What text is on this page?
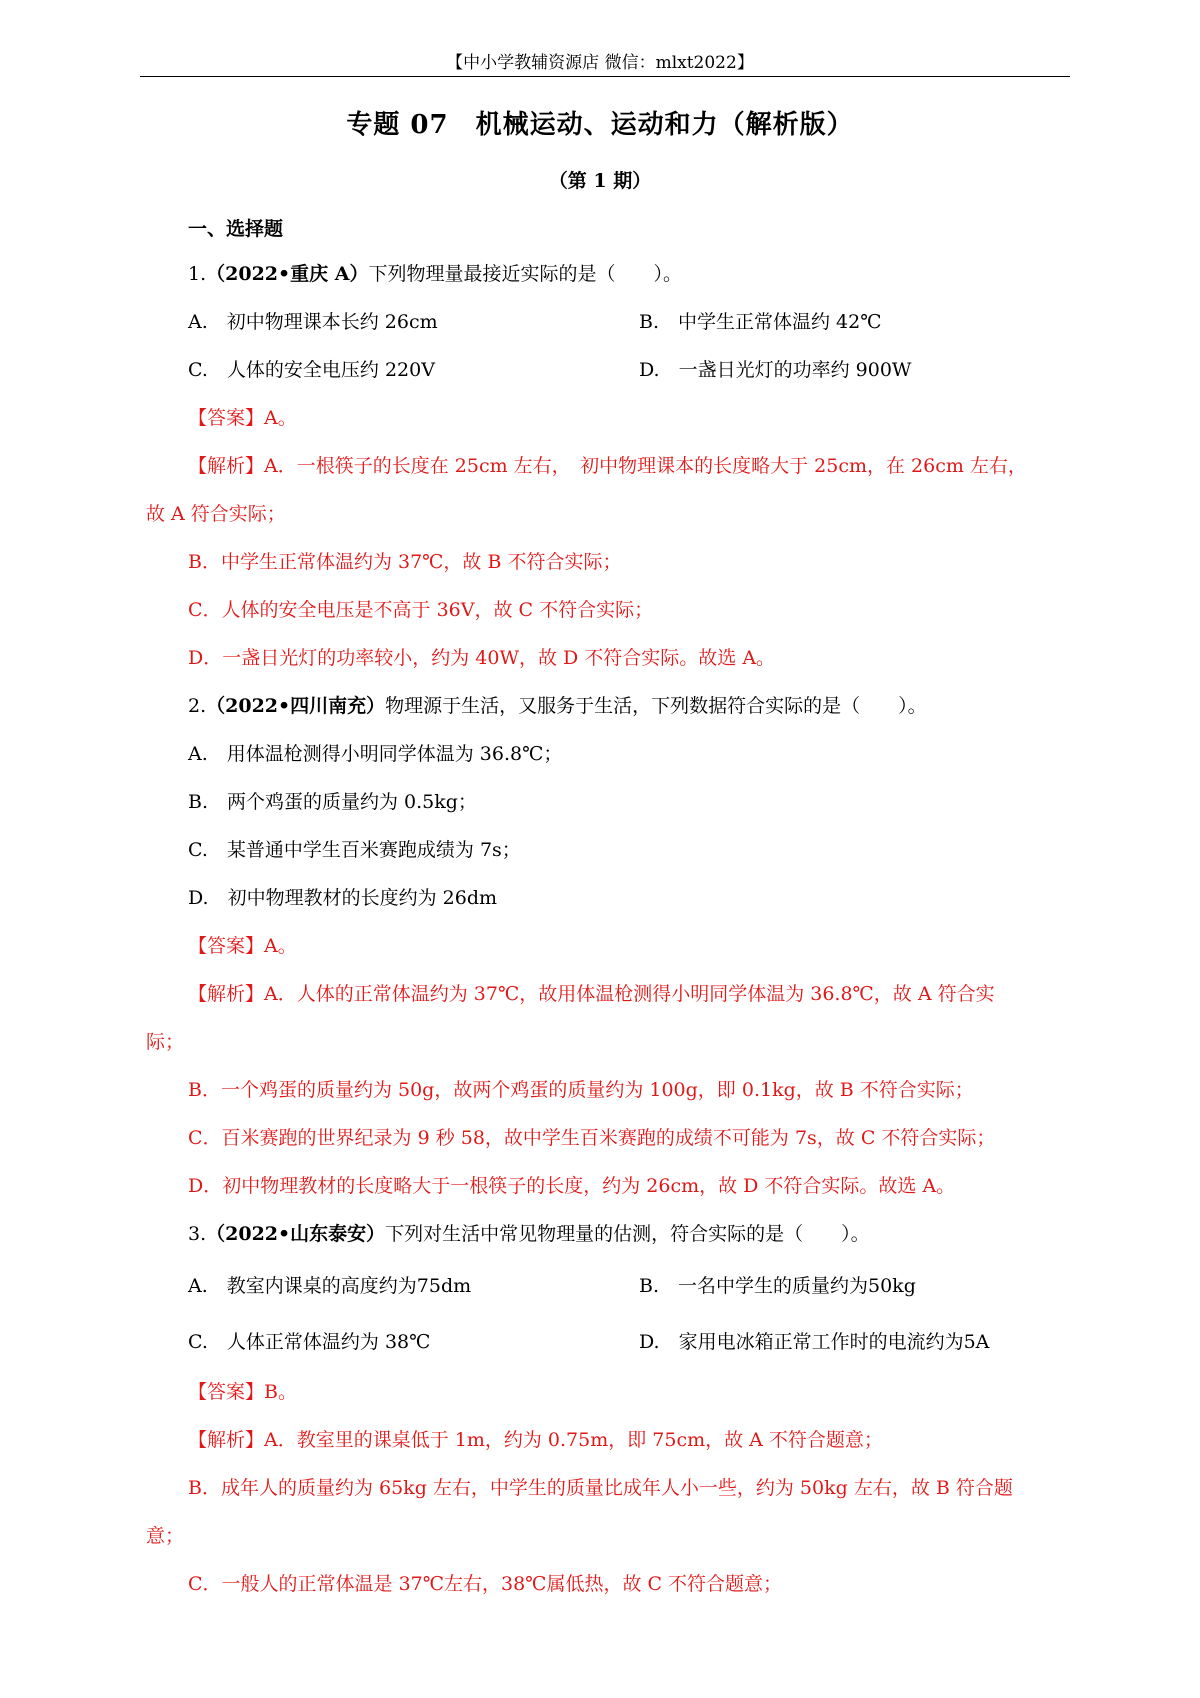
【中小学教辅资源店 微信：mlxt2022】
专题 07　机械运动、运动和力（解析版）
（第 1 期）
一、选择题
1.（2022•重庆 A）下列物理量最接近实际的是（　　）。
A.　初中物理课本长约 26cm	B.　中学生正常体温约 42℃
C.　人体的安全电压约 220V	D.　一盏日光灯的功率约 900W
【答案】A。
【解析】A．一根筷子的长度在 25cm 左右，　初中物理课本的长度略大于 25cm，在 26cm 左右，
故 A 符合实际；
B．中学生正常体温约为 37℃，故 B 不符合实际；
C．人体的安全电压是不高于 36V，故 C 不符合实际；
D．一盏日光灯的功率较小，约为 40W，故 D 不符合实际。故选 A。
2.（2022•四川南充）物理源于生活，又服务于生活，下列数据符合实际的是（　　）。
A.　用体温枪测得小明同学体温为 36.8℃；
B.　两个鸡蛋的质量约为 0.5kg；
C.　某普通中学生百米赛跑成绩为 7s；
D.　初中物理教材的长度约为 26dm
【答案】A。
【解析】A．人体的正常体温约为 37℃，故用体温枪测得小明同学体温为 36.8℃，故 A 符合实
际；
B．一个鸡蛋的质量约为 50g，故两个鸡蛋的质量约为 100g，即 0.1kg，故 B 不符合实际；
C．百米赛跑的世界纪录为 9 秒 58，故中学生百米赛跑的成绩不可能为 7s，故 C 不符合实际；
D．初中物理教材的长度略大于一根筷子的长度，约为 26cm，故 D 不符合实际。故选 A。
3.（2022•山东泰安）下列对生活中常见物理量的估测，符合实际的是（　　）。
A.　教室内课桌的高度约为75dm	B.　一名中学生的质量约为50kg
C.　人体正常体温约为 38℃	D.　家用电冰箱正常工作时的电流约为5A
【答案】B。
【解析】A．教室里的课桌低于 1m，约为 0.75m，即 75cm，故 A 不符合题意；
B．成年人的质量约为 65kg 左右，中学生的质量比成年人小一些，约为 50kg 左右，故 B 符合题
意；
C．一般人的正常体温是 37℃左右，38℃属低热，故 C 不符合题意；
